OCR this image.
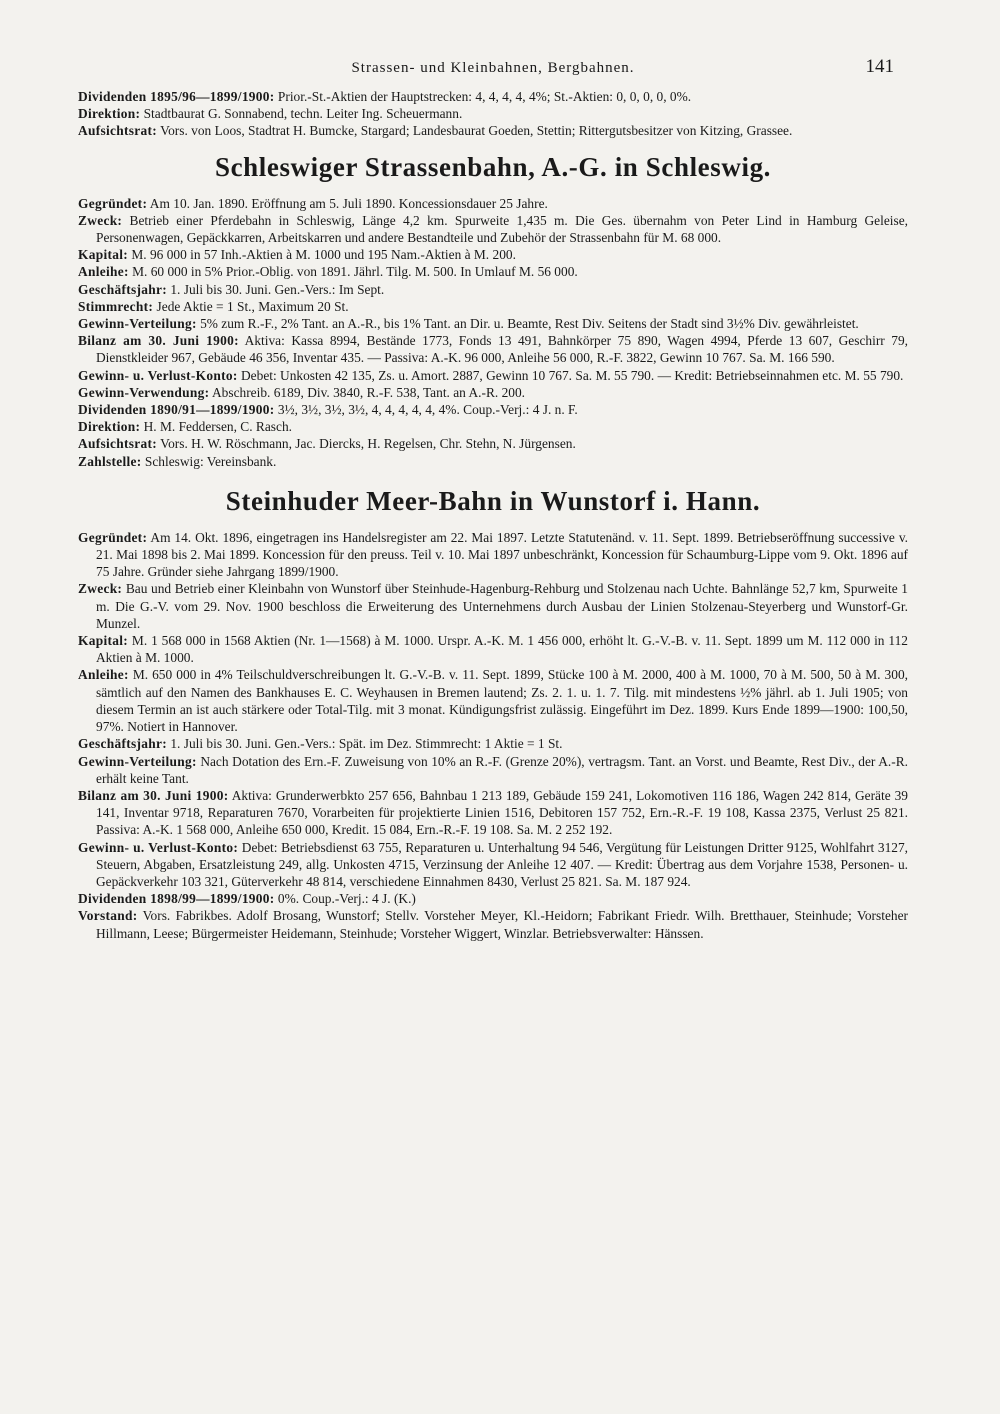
Strassen- und Kleinbahnen, Bergbahnen.	141

Dividenden 1895/96—1899/1900: Prior.-St.-Aktien der Hauptstrecken: 4, 4, 4, 4, 4%; St.-Aktien: 0, 0, 0, 0, 0%.

Direktion: Stadtbaurat G. Sonnabend, techn. Leiter Ing. Scheuermann.

Aufsichtsrat: Vors. von Loos, Stadtrat H. Bumcke, Stargard; Landesbaurat Goeden, Stettin; Rittergutsbesitzer von Kitzing, Grassee.

Schleswiger Strassenbahn, A.-G. in Schleswig.

Gegründet: Am 10. Jan. 1890. Eröffnung am 5. Juli 1890. Koncessionsdauer 25 Jahre.

Zweck: Betrieb einer Pferdebahn in Schleswig, Länge 4,2 km. Spurweite 1,435 m. Die Ges. übernahm von Peter Lind in Hamburg Geleise, Personenwagen, Gepäckkarren, Arbeitskarren und andere Bestandteile und Zubehör der Strassenbahn für M. 68 000.

Kapital: M. 96 000 in 57 Inh.-Aktien à M. 1000 und 195 Nam.-Aktien à M. 200.

Anleihe: M. 60 000 in 5% Prior.-Oblig. von 1891. Jährl. Tilg. M. 500. In Umlauf M. 56 000.

Geschäftsjahr: 1. Juli bis 30. Juni. Gen.-Vers.: Im Sept.

Stimmrecht: Jede Aktie = 1 St., Maximum 20 St.

Gewinn-Verteilung: 5% zum R.-F., 2% Tant. an A.-R., bis 1% Tant. an Dir. u. Beamte, Rest Div. Seitens der Stadt sind 3½% Div. gewährleistet.

Bilanz am 30. Juni 1900: Aktiva: Kassa 8994, Bestände 1773, Fonds 13 491, Bahnkörper 75 890, Wagen 4994, Pferde 13 607, Geschirr 79, Dienstkleider 967, Gebäude 46 356, Inventar 435. — Passiva: A.-K. 96 000, Anleihe 56 000, R.-F. 3822, Gewinn 10 767. Sa. M. 166 590.

Gewinn- u. Verlust-Konto: Debet: Unkosten 42 135, Zs. u. Amort. 2887, Gewinn 10 767. Sa. M. 55 790. — Kredit: Betriebseinnahmen etc. M. 55 790.

Gewinn-Verwendung: Abschreib. 6189, Div. 3840, R.-F. 538, Tant. an A.-R. 200.

Dividenden 1890/91—1899/1900: 3½, 3½, 3½, 3½, 4, 4, 4, 4, 4, 4%. Coup.-Verj.: 4 J. n. F.

Direktion: H. M. Feddersen, C. Rasch.

Aufsichtsrat: Vors. H. W. Röschmann, Jac. Diercks, H. Regelsen, Chr. Stehn, N. Jürgensen.

Zahlstelle: Schleswig: Vereinsbank.

Steinhuder Meer-Bahn in Wunstorf i. Hann.

Gegründet: Am 14. Okt. 1896, eingetragen ins Handelsregister am 22. Mai 1897. Letzte Statutenänd. v. 11. Sept. 1899. Betriebseröffnung successive v. 21. Mai 1898 bis 2. Mai 1899. Koncession für den preuss. Teil v. 10. Mai 1897 unbeschränkt, Koncession für Schaumburg-Lippe vom 9. Okt. 1896 auf 75 Jahre. Gründer siehe Jahrgang 1899/1900.

Zweck: Bau und Betrieb einer Kleinbahn von Wunstorf über Steinhude-Hagenburg-Rehburg und Stolzenau nach Uchte. Bahnlänge 52,7 km, Spurweite 1 m. Die G.-V. vom 29. Nov. 1900 beschloss die Erweiterung des Unternehmens durch Ausbau der Linien Stolzenau-Steyerberg und Wunstorf-Gr. Munzel.

Kapital: M. 1 568 000 in 1568 Aktien (Nr. 1—1568) à M. 1000. Urspr. A.-K. M. 1 456 000, erhöht lt. G.-V.-B. v. 11. Sept. 1899 um M. 112 000 in 112 Aktien à M. 1000.

Anleihe: M. 650 000 in 4% Teilschuldverschreibungen lt. G.-V.-B. v. 11. Sept. 1899, Stücke 100 à M. 2000, 400 à M. 1000, 70 à M. 500, 50 à M. 300, sämtlich auf den Namen des Bankhauses E. C. Weyhausen in Bremen lautend; Zs. 2. 1. u. 1. 7. Tilg. mit mindestens ½% jährl. ab 1. Juli 1905; von diesem Termin an ist auch stärkere oder Total-Tilg. mit 3 monat. Kündigungsfrist zulässig. Eingeführt im Dez. 1899. Kurs Ende 1899—1900: 100,50, 97%. Notiert in Hannover.

Geschäftsjahr: 1. Juli bis 30. Juni. Gen.-Vers.: Spät. im Dez. Stimmrecht: 1 Aktie = 1 St.

Gewinn-Verteilung: Nach Dotation des Ern.-F. Zuweisung von 10% an R.-F. (Grenze 20%), vertragsm. Tant. an Vorst. und Beamte, Rest Div., der A.-R. erhält keine Tant.

Bilanz am 30. Juni 1900: Aktiva: Grunderwerbkto 257 656, Bahnbau 1 213 189, Gebäude 159 241, Lokomotiven 116 186, Wagen 242 814, Geräte 39 141, Inventar 9718, Reparaturen 7670, Vorarbeiten für projektierte Linien 1516, Debitoren 157 752, Ern.-R.-F. 19 108, Kassa 2375, Verlust 25 821. Passiva: A.-K. 1 568 000, Anleihe 650 000, Kredit. 15 084, Ern.-R.-F. 19 108. Sa. M. 2 252 192.

Gewinn- u. Verlust-Konto: Debet: Betriebsdienst 63 755, Reparaturen u. Unterhaltung 94 546, Vergütung für Leistungen Dritter 9125, Wohlfahrt 3127, Steuern, Abgaben, Ersatzleistung 249, allg. Unkosten 4715, Verzinsung der Anleihe 12 407. — Kredit: Übertrag aus dem Vorjahre 1538, Personen- u. Gepäckverkehr 103 321, Güterverkehr 48 814, verschiedene Einnahmen 8430, Verlust 25 821. Sa. M. 187 924.

Dividenden 1898/99—1899/1900: 0%. Coup.-Verj.: 4 J. (K.)

Vorstand: Vors. Fabrikbes. Adolf Brosang, Wunstorf; Stellv. Vorsteher Meyer, Kl.-Heidorn; Fabrikant Friedr. Wilh. Bretthauer, Steinhude; Vorsteher Hillmann, Leese; Bürgermeister Heidemann, Steinhude; Vorsteher Wiggert, Winzlar. Betriebsverwalter: Hänssen.
